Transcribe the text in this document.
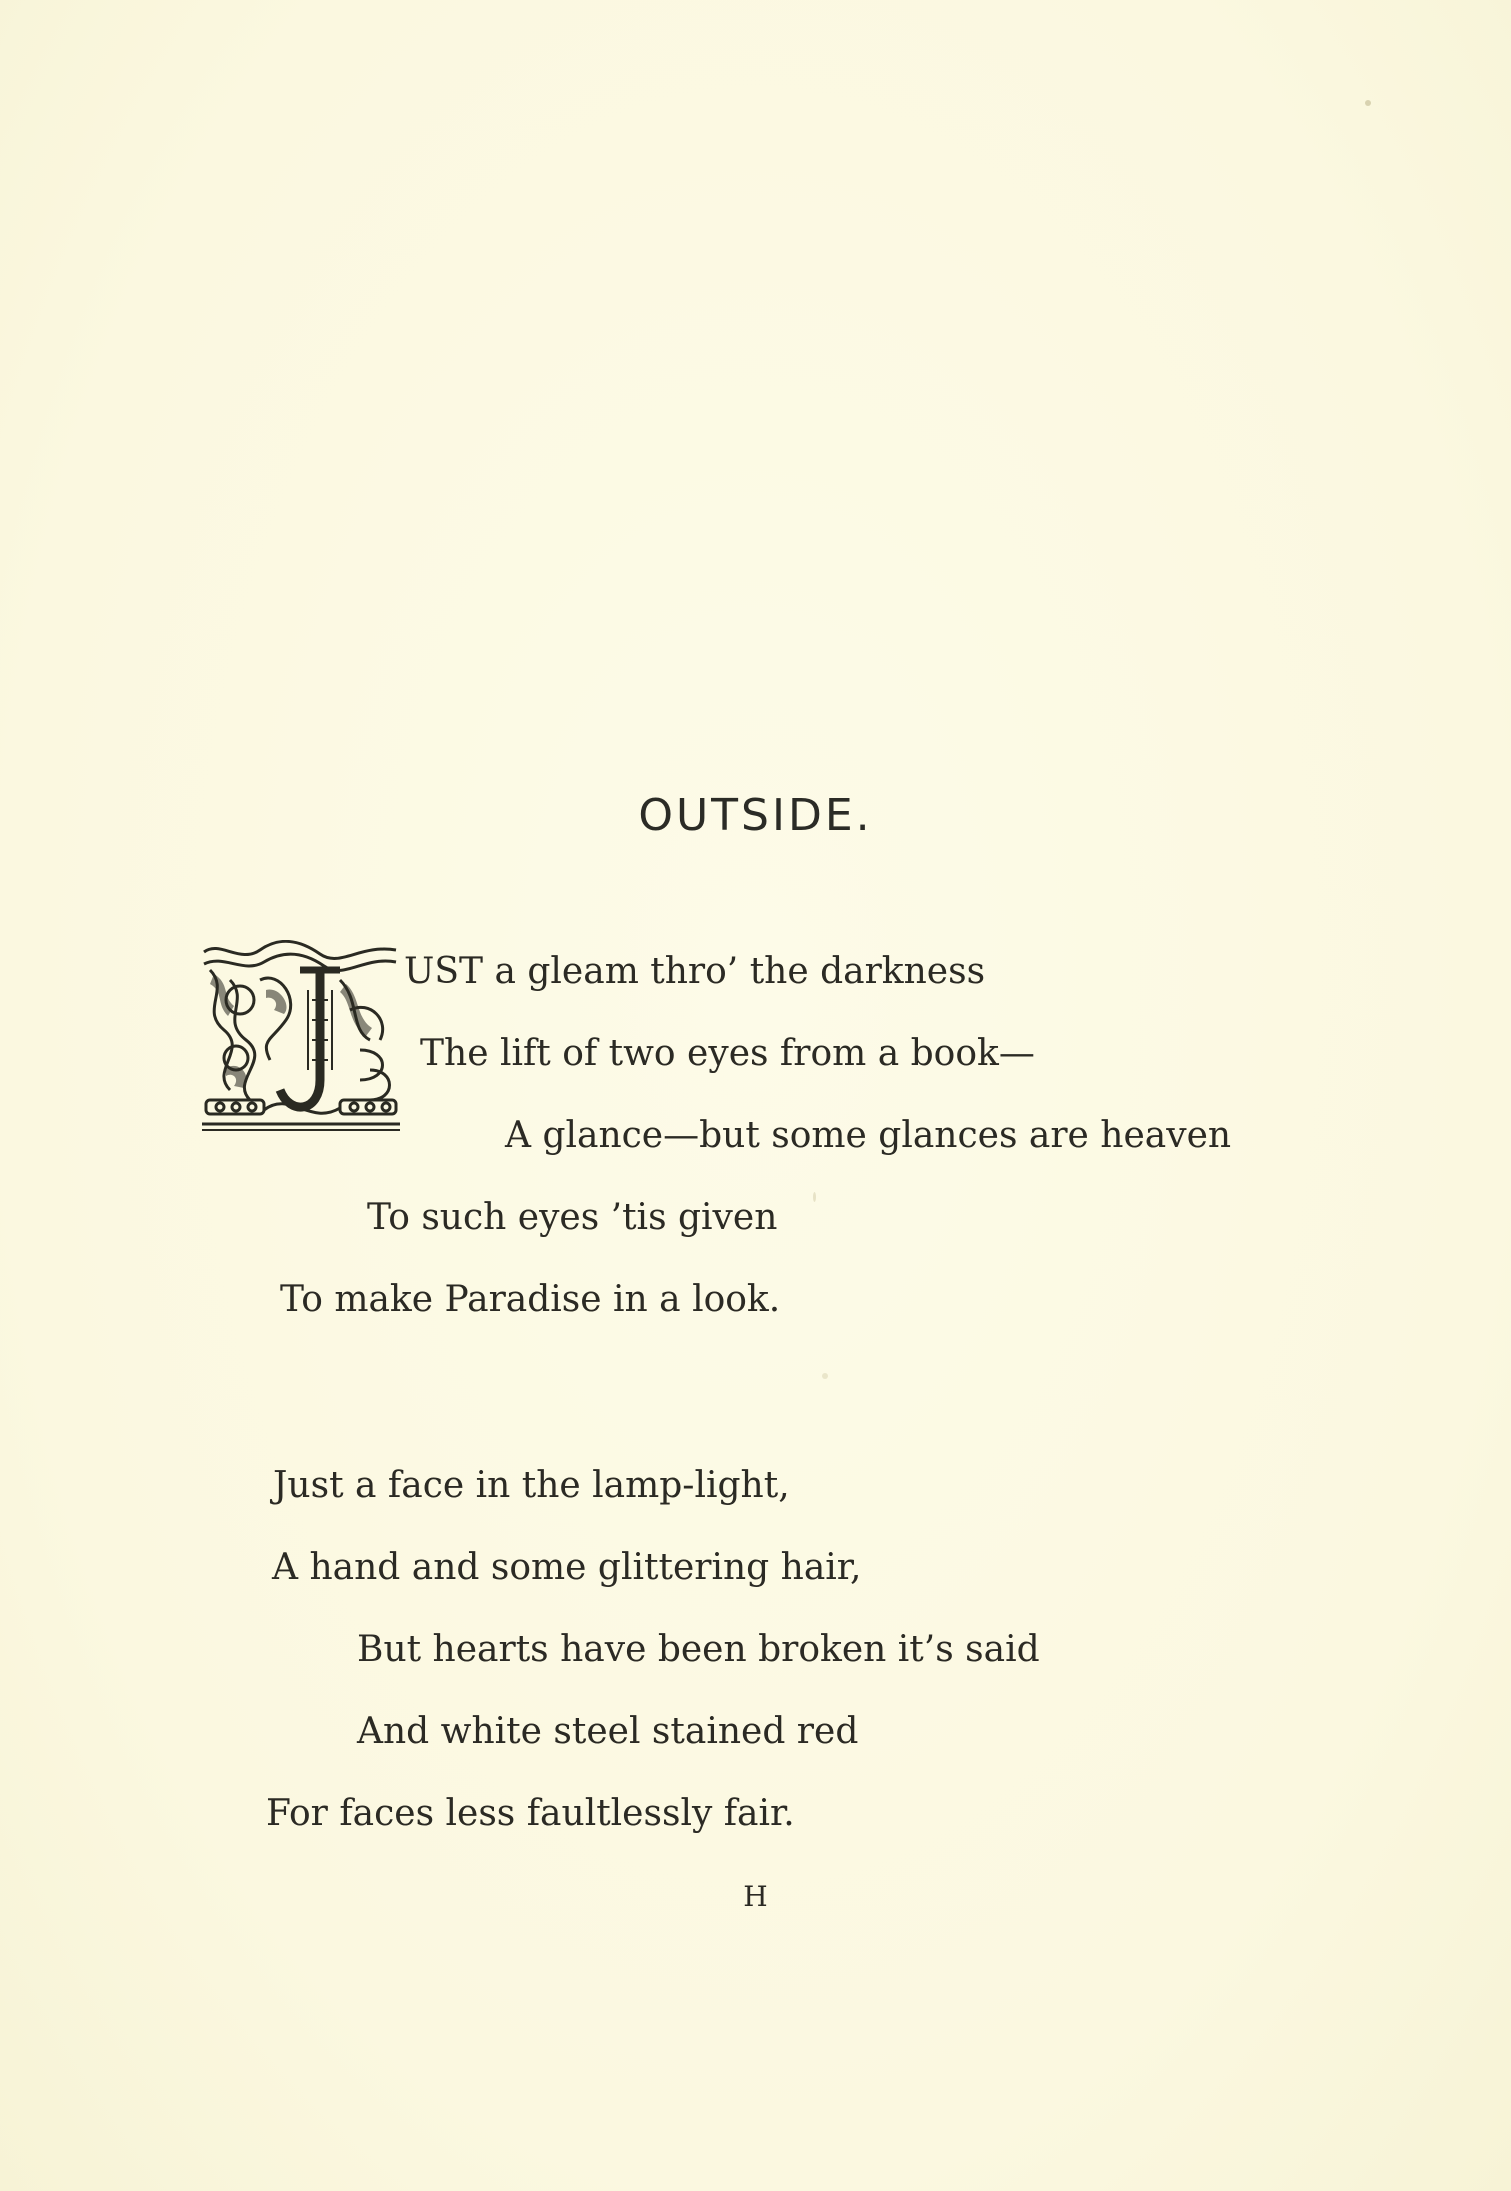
OUTSIDE.
UST a gleam thro’ the darkness
The lift of two eyes from a book—
A glance—but some glances are heaven
To such eyes ’tis given
To make Paradise in a look.
Just a face in the lamp-light,
A hand and some glittering hair,
But hearts have been broken it’s said
And white steel stained red
For faces less faultlessly fair.
H
